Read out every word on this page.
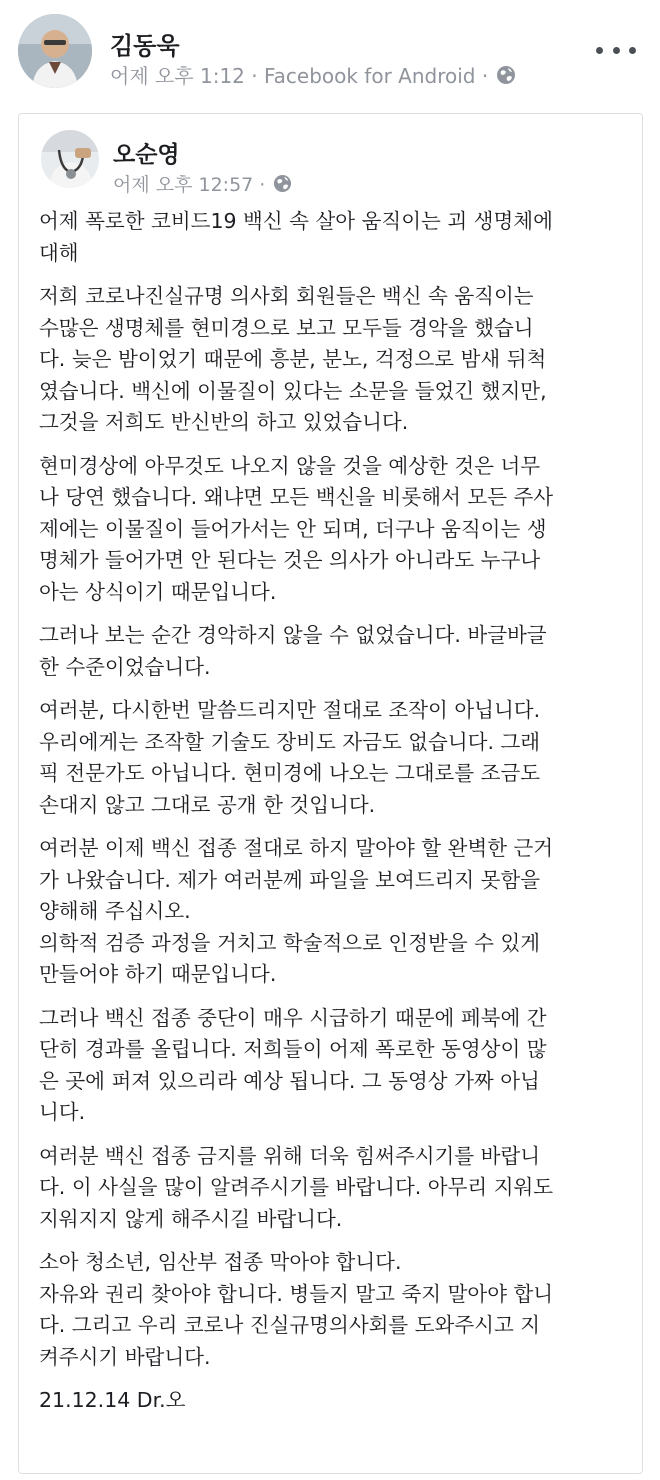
김동욱
어제 오후 1:12 · Facebook for Android ·
오순영
어제 오후 12:57 ·

어제 폭로한 코비드19 백신 속 살아 움직이는 괴 생명체에
대해

저희 코로나진실규명 의사회 회원들은 백신 속 움직이는
수많은 생명체를 현미경으로 보고 모두들 경악을 했습니
다. 늦은 밤이었기 때문에 흥분, 분노, 걱정으로 밤새 뒤척
였습니다. 백신에 이물질이 있다는 소문을 들었긴 했지만,
그것을 저희도 반신반의 하고 있었습니다.

현미경상에 아무것도 나오지 않을 것을 예상한 것은 너무
나 당연 했습니다. 왜냐면 모든 백신을 비롯해서 모든 주사
제에는 이물질이 들어가서는 안 되며, 더구나 움직이는 생
명체가 들어가면 안 된다는 것은 의사가 아니라도 누구나
아는 상식이기 때문입니다.

그러나 보는 순간 경악하지 않을 수 없었습니다. 바글바글
한 수준이었습니다.

여러분, 다시한번 말씀드리지만 절대로 조작이 아닙니다.
우리에게는 조작할 기술도 장비도 자금도 없습니다. 그래
픽 전문가도 아닙니다. 현미경에 나오는 그대로를 조금도
손대지 않고 그대로 공개 한 것입니다.

여러분 이제 백신 접종 절대로 하지 말아야 할 완벽한 근거
가 나왔습니다. 제가 여러분께 파일을 보여드리지 못함을
양해해 주십시오.
의학적 검증 과정을 거치고 학술적으로 인정받을 수 있게
만들어야 하기 때문입니다.

그러나 백신 접종 중단이 매우 시급하기 때문에 페북에 간
단히 경과를 올립니다. 저희들이 어제 폭로한 동영상이 많
은 곳에 퍼져 있으리라 예상 됩니다. 그 동영상 가짜 아닙
니다.

여러분 백신 접종 금지를 위해 더욱 힘써주시기를 바랍니
다. 이 사실을 많이 알려주시기를 바랍니다. 아무리 지워도
지워지지 않게 해주시길 바랍니다.

소아 청소년, 임산부 접종 막아야 합니다.
자유와 권리 찾아야 합니다. 병들지 말고 죽지 말아야 합니
다. 그리고 우리 코로나 진실규명의사회를 도와주시고 지
켜주시기 바랍니다.

21.12.14 Dr.오
